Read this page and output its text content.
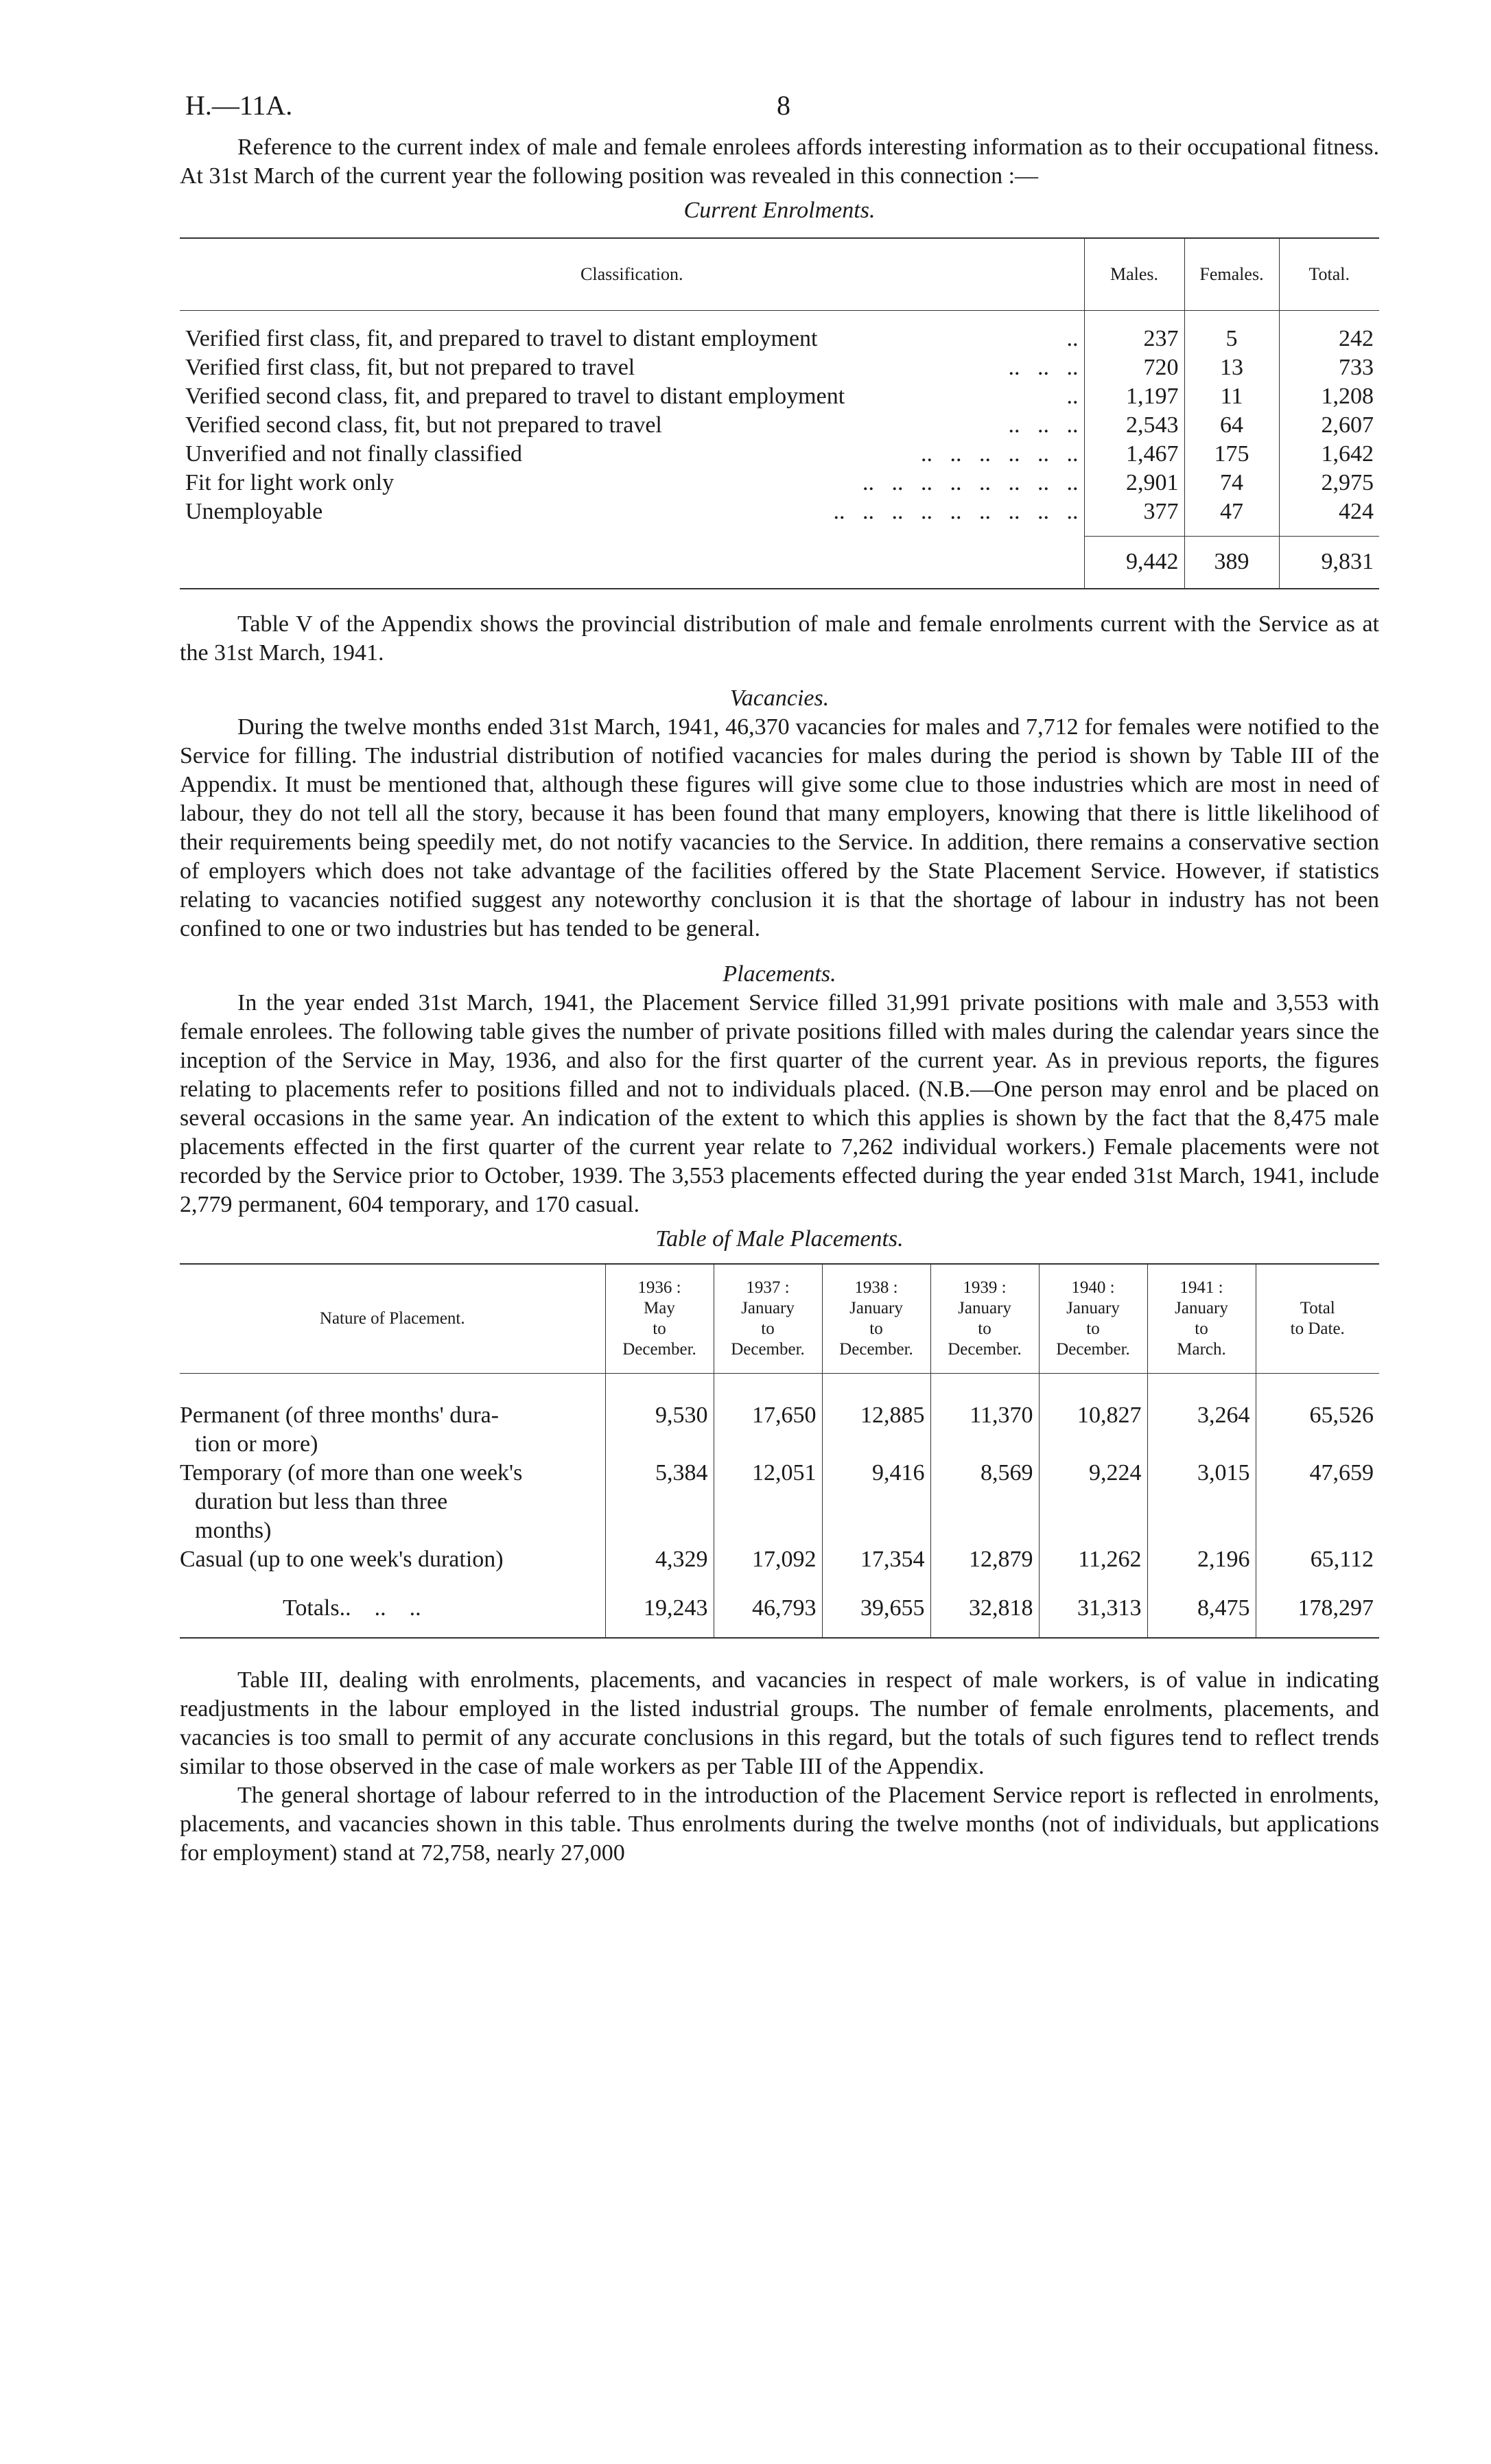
H.—11A.	8

Reference to the current index of male and female enrolees affords interesting information as to their occupational fitness. At 31st March of the current year the following position was revealed in this connection :—

Current Enrolments.
Classification.	Males.	Females.	Total.

Verified first class, fit, and prepared to travel to distant employment ..	237	5	242
Verified first class, fit, but not prepared to travel ..   ..   ..	720	13	733
Verified second class, fit, and prepared to travel to distant employment ..	1,197	11	1,208
Verified second class, fit, but not prepared to travel ..   ..   ..	2,543	64	2,607
Unverified and not finally classified ..   ..   ..   ..   ..   ..	1,467	175	1,642
Fit for light work only ..   ..   ..   ..   ..   ..   ..   ..	2,901	74	2,975
Unemployable ..   ..   ..   ..   ..   ..   ..   ..   ..	377	47	424

	9,442	389	9,831

Table V of the Appendix shows the provincial distribution of male and female enrolments current with the Service as at the 31st March, 1941.

Vacancies.

During the twelve months ended 31st March, 1941, 46,370 vacancies for males and 7,712 for females were notified to the Service for filling. The industrial distribution of notified vacancies for males during the period is shown by Table III of the Appendix. It must be mentioned that, although these figures will give some clue to those industries which are most in need of labour, they do not tell all the story, because it has been found that many employers, knowing that there is little likelihood of their requirements being speedily met, do not notify vacancies to the Service. In addition, there remains a conservative section of employers which does not take advantage of the facilities offered by the State Placement Service. However, if statistics relating to vacancies notified suggest any noteworthy conclusion it is that the shortage of labour in industry has not been confined to one or two industries but has tended to be general.

Placements.

In the year ended 31st March, 1941, the Placement Service filled 31,991 private positions with male and 3,553 with female enrolees. The following table gives the number of private positions filled with males during the calendar years since the inception of the Service in May, 1936, and also for the first quarter of the current year. As in previous reports, the figures relating to placements refer to positions filled and not to individuals placed. (N.B.—One person may enrol and be placed on several occasions in the same year. An indication of the extent to which this applies is shown by the fact that the 8,475 male placements effected in the first quarter of the current year relate to 7,262 individual workers.) Female placements were not recorded by the Service prior to October, 1939. The 3,553 placements effected during the year ended 31st March, 1941, include 2,779 permanent, 604 temporary, and 170 casual.

Table of Male Placements.
Nature of Placement.	1936 :
May
to
December.	1937 :
January
to
December.	1938 :
January
to
December.	1939 :
January
to
December.	1940 :
January
to
December.	1941 :
January
to
March.	Total
to Date.

Permanent (of three months' dura-
tion or more)	9,530	17,650	12,885	11,370	10,827	3,264	65,526
Temporary (of more than one week's
duration but less than three
months)	5,384	12,051	9,416	8,569	9,224	3,015	47,659
Casual (up to one week's duration)	4,329	17,092	17,354	12,879	11,262	2,196	65,112

Totals..    ..    ..	19,243	46,793	39,655	32,818	31,313	8,475	178,297

Table III, dealing with enrolments, placements, and vacancies in respect of male workers, is of value in indicating readjustments in the labour employed in the listed industrial groups. The number of female enrolments, placements, and vacancies is too small to permit of any accurate conclusions in this regard, but the totals of such figures tend to reflect trends similar to those observed in the case of male workers as per Table III of the Appendix.

The general shortage of labour referred to in the introduction of the Placement Service report is reflected in enrolments, placements, and vacancies shown in this table. Thus enrolments during the twelve months (not of individuals, but applications for employment) stand at 72,758, nearly 27,000
